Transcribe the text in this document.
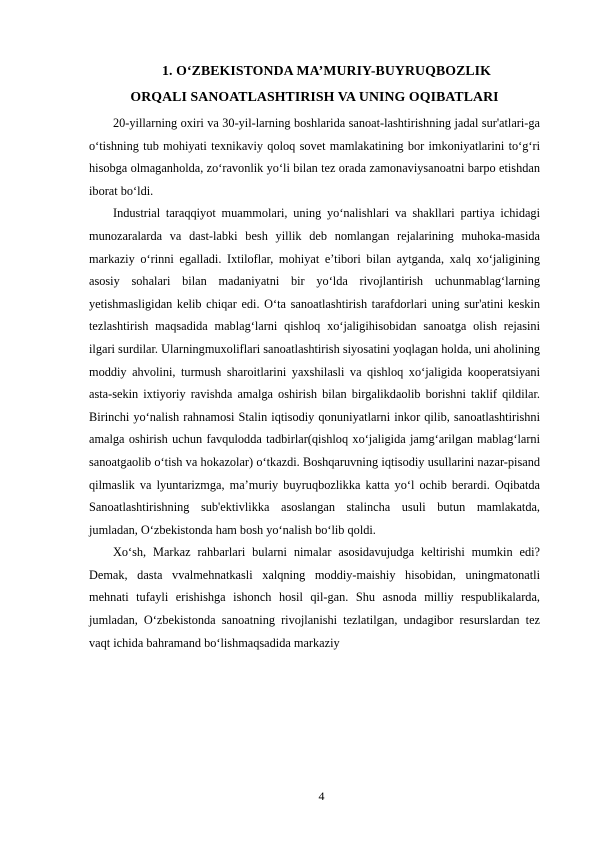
1. O‘ZBEKISTONDA MA’MURIY-BUYRUQBOZLIK
ORQALI SANOATLASHTIRISH VA UNING OQIBATLARI

20-yillarning oxiri va 30-yil-larning boshlarida sanoat-lashtirishning jadal sur'atlari-ga o‘tishning tub mohiyati texnikaviy qoloq sovet mamlakatining bor imkoniyatlarini to‘g‘ri hisobga olmaganholda, zo‘ravonlik yo‘li bilan tez orada zamonaviysanoatni barpo etishdan iborat bo‘ldi.

Industrial taraqqiyot muammolari, uning yo‘nalishlari va shakllari partiya ichidagi munozaralarda va dast-labki besh yillik deb nomlangan rejalarining muhoka-masida markaziy o‘rinni egalladi. Ixtiloflar, mohiyat e’tibori bilan aytganda, xalq xo‘jaligining asosiy sohalari bilan madaniyatni bir yo‘lda rivojlantirish uchunmablag‘larning yetishmasligidan kelib chiqar edi. O‘ta sanoatlashtirish tarafdorlari uning sur'atini keskin tezlashtirish maqsadida mablag‘larni qishloq xo‘jaligihisobidan sanoatga olish rejasini ilgari surdilar. Ularningmuxoliflari sanoatlashtirish siyosatini yoqlagan holda, uni aholining moddiy ahvolini, turmush sharoitlarini yaxshilasli va qishloq xo‘jaligida kooperatsiyani asta-sekin ixtiyoriy ravishda amalga oshirish bilan birgalikdaolib borishni taklif qildilar. Birinchi yo‘nalish rahnamosi Stalin iqtisodiy qonuniyatlarni inkor qilib, sanoatlashtirishni amalga oshirish uchun favqulodda tadbirlar(qishloq xo‘jaligida jamg‘arilgan mablag‘larni sanoatgaolib o‘tish va hokazolar) o‘tkazdi. Boshqaruvning iqtisodiy usullarini nazar-pisand qilmaslik va lyuntarizmga, ma’muriy buyruqbozlikka katta yo‘l ochib berardi. Oqibatda Sanoatlashtirishning sub'ektivlikka asoslangan stalincha usuli butun mamlakatda, jumladan, O‘zbekistonda ham bosh yo‘nalish bo‘lib qoldi.

Xo‘sh, Markaz rahbarlari bularni nimalar asosidavujudga keltirishi mumkin edi? Demak, dasta vvalmehnatkasli xalqning moddiy-maishiy hisobidan, uningmatonatli mehnati tufayli erishishga ishonch hosil qil-gan. Shu asnoda milliy respublikalarda, jumladan, O‘zbekistonda sanoatning rivojlanishi tezlatilgan, undagibor resurslardan tez vaqt ichida bahramand bo‘lishmaqsadida markaziy

4
